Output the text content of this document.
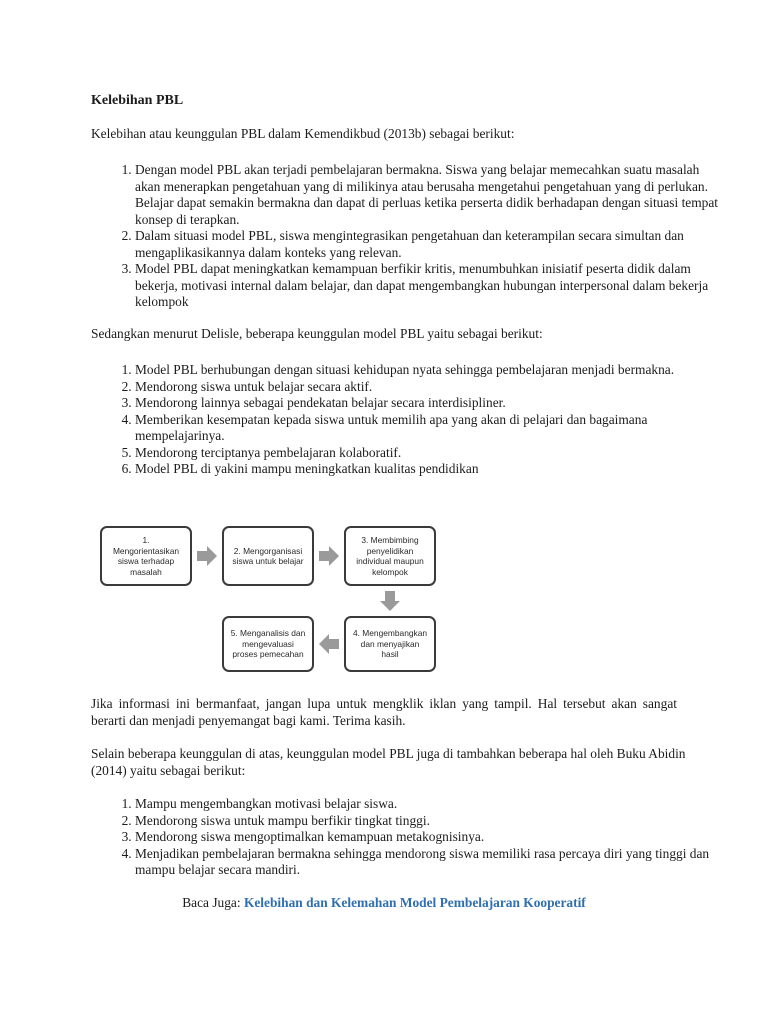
Kelebihan PBL
Kelebihan atau keunggulan PBL dalam Kemendikbud (2013b) sebagai berikut:
1. Dengan model PBL akan terjadi pembelajaran bermakna. Siswa yang belajar memecahkan suatu masalah akan menerapkan pengetahuan yang di milikinya atau berusaha mengetahui pengetahuan yang di perlukan. Belajar dapat semakin bermakna dan dapat di perluas ketika perserta didik berhadapan dengan situasi tempat konsep di terapkan.
2. Dalam situasi model PBL, siswa mengintegrasikan pengetahuan dan keterampilan secara simultan dan mengaplikasikannya dalam konteks yang relevan.
3. Model PBL dapat meningkatkan kemampuan berfikir kritis, menumbuhkan inisiatif peserta didik dalam bekerja, motivasi internal dalam belajar, dan dapat mengembangkan hubungan interpersonal dalam bekerja kelompok
Sedangkan menurut Delisle, beberapa keunggulan model PBL yaitu sebagai berikut:
1. Model PBL berhubungan dengan situasi kehidupan nyata sehingga pembelajaran menjadi bermakna.
2. Mendorong siswa untuk belajar secara aktif.
3. Mendorong lainnya sebagai pendekatan belajar secara interdisipliner.
4. Memberikan kesempatan kepada siswa untuk memilih apa yang akan di pelajari dan bagaimana mempelajarinya.
5. Mendorong terciptanya pembelajaran kolaboratif.
6. Model PBL di yakini mampu meningkatkan kualitas pendidikan
1.
Mengorientasikan
siswa terhadap
masalah
2. Mengorganisasi
siswa untuk belajar
3. Membimbing
penyelidikan
individual maupun
kelompok
4. Mengembangkan
dan menyajikan
hasil
5. Menganalisis dan
mengevaluasi
proses pemecahan
Jika informasi ini bermanfaat, jangan lupa untuk mengklik iklan yang tampil. Hal tersebut akan sangat berarti dan menjadi penyemangat bagi kami. Terima kasih.
Selain beberapa keunggulan di atas, keunggulan model PBL juga di tambahkan beberapa hal oleh Buku Abidin (2014) yaitu sebagai berikut:
1. Mampu mengembangkan motivasi belajar siswa.
2. Mendorong siswa untuk mampu berfikir tingkat tinggi.
3. Mendorong siswa mengoptimalkan kemampuan metakognisinya.
4. Menjadikan pembelajaran bermakna sehingga mendorong siswa memiliki rasa percaya diri yang tinggi dan mampu belajar secara mandiri.
Baca Juga: Kelebihan dan Kelemahan Model Pembelajaran Kooperatif
